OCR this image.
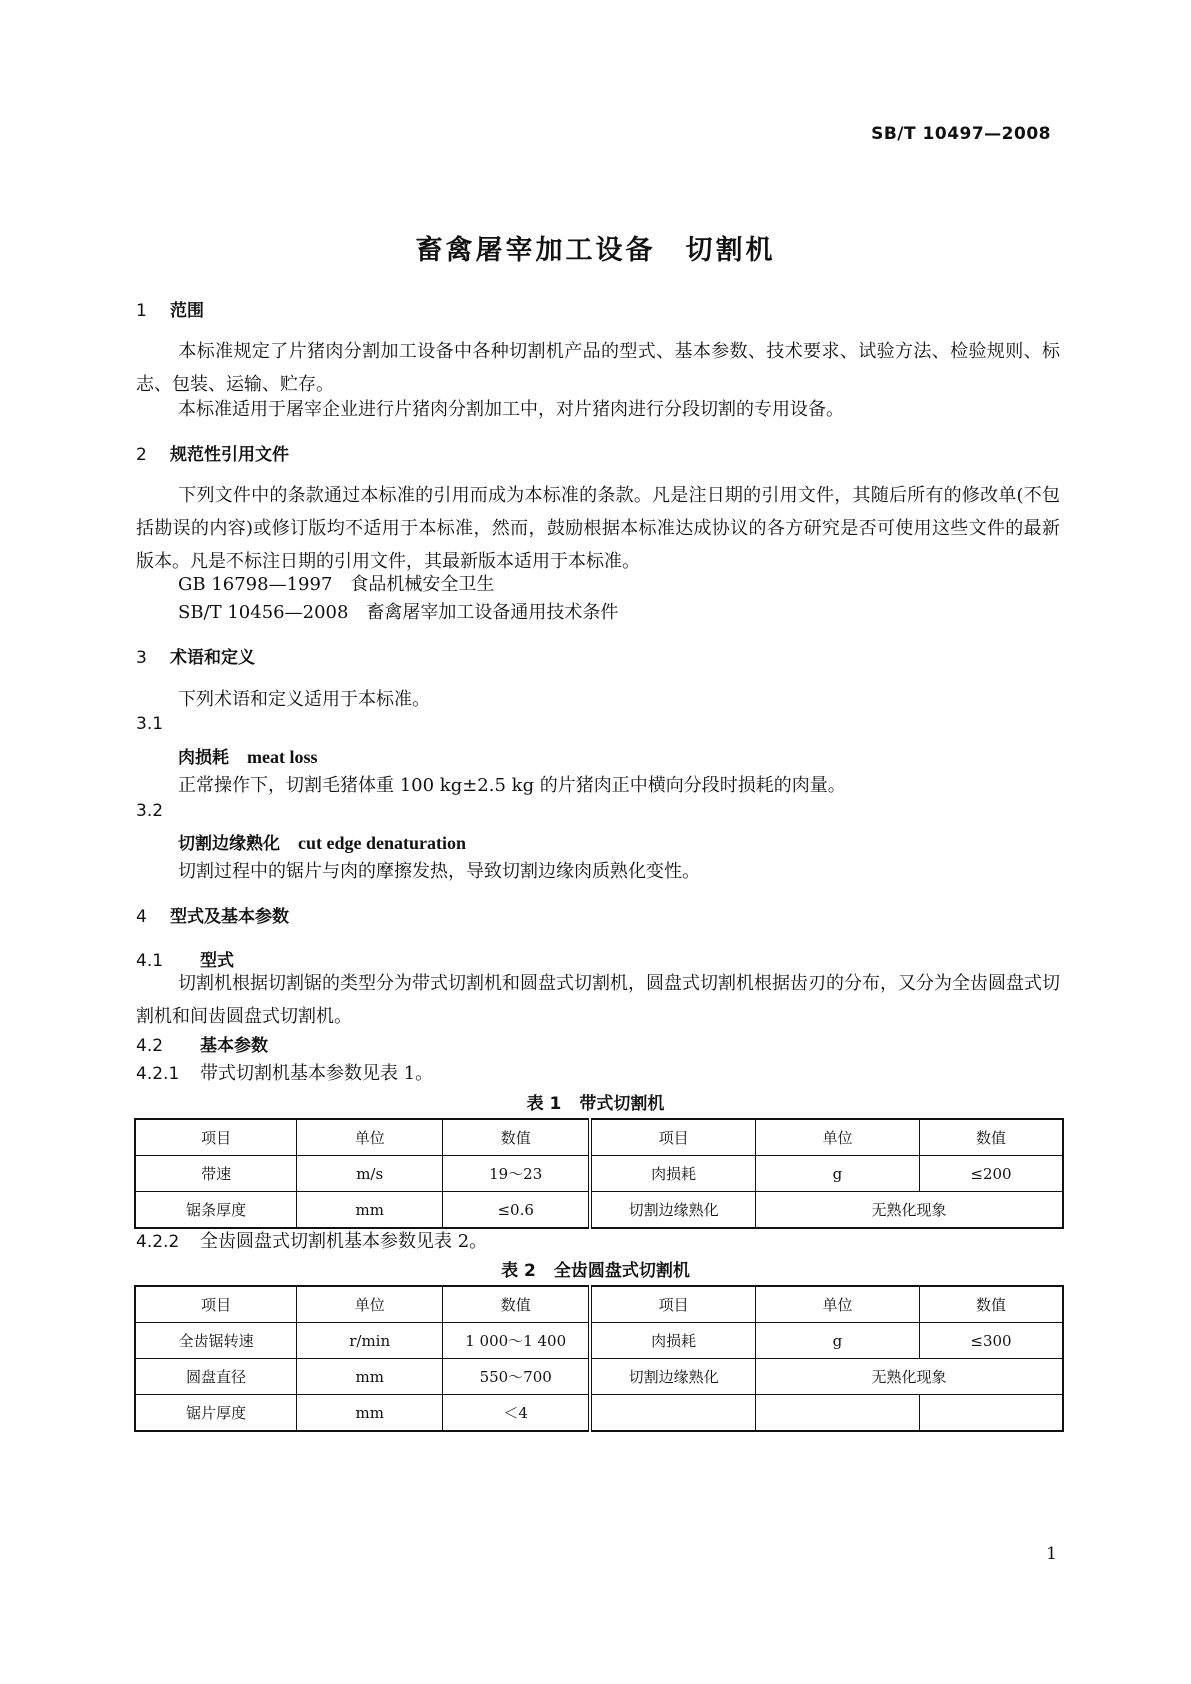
SB/T 10497—2008
畜禽屠宰加工设备　切割机
1 范围
本标准规定了片猪肉分割加工设备中各种切割机产品的型式、基本参数、技术要求、试验方法、检验规则、标志、包装、运输、贮存。
本标准适用于屠宰企业进行片猪肉分割加工中，对片猪肉进行分段切割的专用设备。
2 规范性引用文件
下列文件中的条款通过本标准的引用而成为本标准的条款。凡是注日期的引用文件，其随后所有的修改单(不包括勘误的内容)或修订版均不适用于本标准，然而，鼓励根据本标准达成协议的各方研究是否可使用这些文件的最新版本。凡是不标注日期的引用文件，其最新版本适用于本标准。
GB 16798—1997　食品机械安全卫生
SB/T 10456—2008　畜禽屠宰加工设备通用技术条件
3 术语和定义
下列术语和定义适用于本标准。
3.1
肉损耗 meat loss
正常操作下，切割毛猪体重 100 kg±2.5 kg 的片猪肉正中横向分段时损耗的肉量。
3.2
切割边缘熟化 cut edge denaturation
切割过程中的锯片与肉的摩擦发热，导致切割边缘肉质熟化变性。
4 型式及基本参数
4.1 型式
切割机根据切割锯的类型分为带式切割机和圆盘式切割机，圆盘式切割机根据齿刃的分布，又分为全齿圆盘式切割机和间齿圆盘式切割机。
4.2 基本参数
4.2.1 带式切割机基本参数见表 1。
表 1 带式切割机
项目	单位	数值	项目	单位	数值
带速	m/s	19～23	肉损耗	g	≤200
锯条厚度	mm	≤0.6	切割边缘熟化	无熟化现象	
4.2.2 全齿圆盘式切割机基本参数见表 2。
表 2 全齿圆盘式切割机
项目	单位	数值	项目	单位	数值
全齿锯转速	r/min	1 000～1 400	肉损耗	g	≤300
圆盘直径	mm	550～700	切割边缘熟化	无熟化现象	
锯片厚度	mm	＜4			
1
